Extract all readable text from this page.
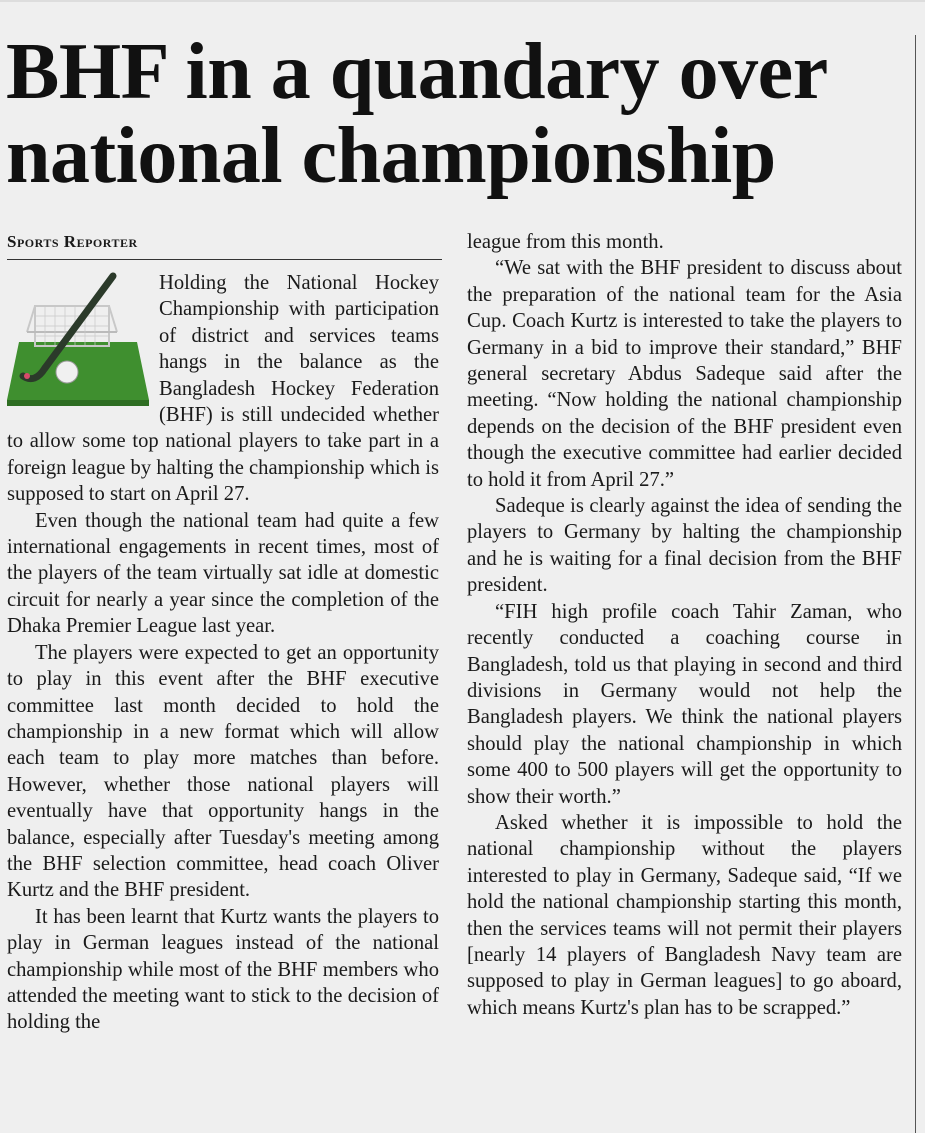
BHF in a quandary over national championship
Sports Reporter

Holding the National Hockey Championship with participation of district and services teams hangs in the balance as the Bangladesh Hockey Federation (BHF) is still undecided whether to allow some top national players to take part in a foreign league by halting the championship which is supposed to start on April 27.

Even though the national team had quite a few international engagements in recent times, most of the players of the team virtually sat idle at domestic circuit for nearly a year since the completion of the Dhaka Premier League last year.

The players were expected to get an opportunity to play in this event after the BHF executive committee last month decided to hold the championship in a new format which will allow each team to play more matches than before. However, whether those national players will eventually have that opportunity hangs in the balance, especially after Tuesday's meeting among the BHF selection committee, head coach Oliver Kurtz and the BHF president.

It has been learnt that Kurtz wants the players to play in German leagues instead of the national championship while most of the BHF members who attended the meeting want to stick to the decision of holding the

league from this month.

“We sat with the BHF president to discuss about the preparation of the national team for the Asia Cup. Coach Kurtz is interested to take the players to Germany in a bid to improve their standard,” BHF general secretary Abdus Sadeque said after the meeting. “Now holding the national championship depends on the decision of the BHF president even though the executive committee had earlier decided to hold it from April 27.”

Sadeque is clearly against the idea of sending the players to Germany by halting the championship and he is waiting for a final decision from the BHF president.

“FIH high profile coach Tahir Zaman, who recently conducted a coaching course in Bangladesh, told us that playing in second and third divisions in Germany would not help the Bangladesh players. We think the national players should play the national championship in which some 400 to 500 players will get the opportunity to show their worth.”

Asked whether it is impossible to hold the national championship without the players interested to play in Germany, Sadeque said, “If we hold the national championship starting this month, then the services teams will not permit their players [nearly 14 players of Bangladesh Navy team are supposed to play in German leagues] to go aboard, which means Kurtz's plan has to be scrapped.”
